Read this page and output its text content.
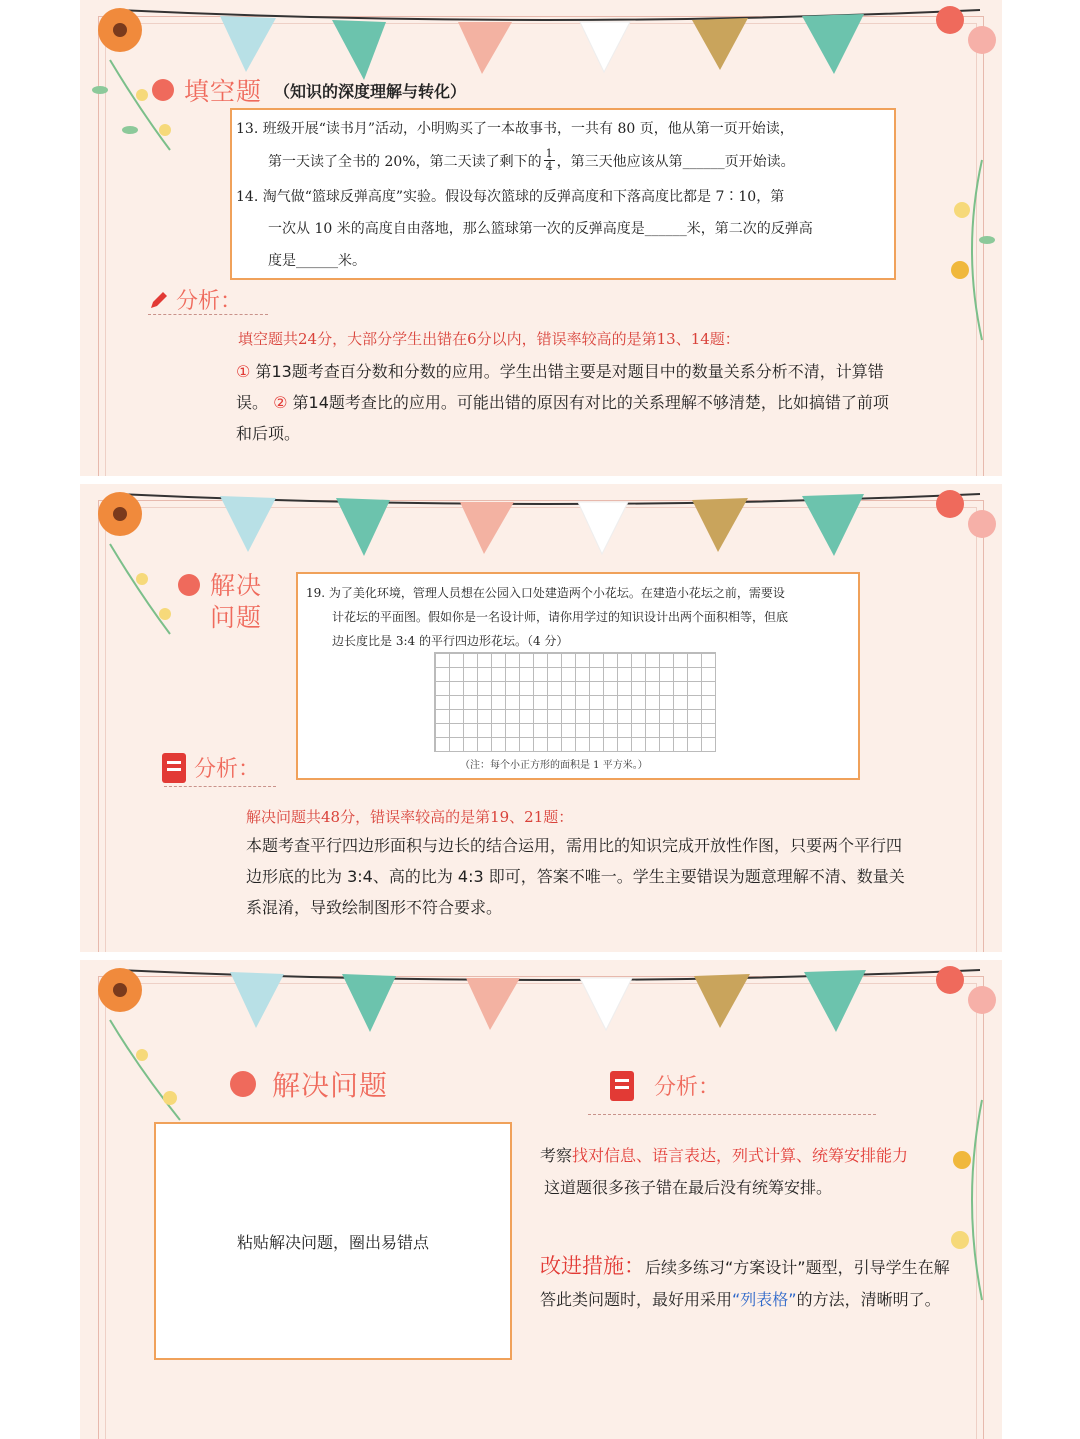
填空题 （知识的深度理解与转化）
13. 班级开展“读书月”活动，小明购买了一本故事书，一共有 80 页，他从第一页开始读，
第一天读了全书的 20%，第二天读了剩下的 $\frac{1}{4}$ ，第三天他应该从第______页开始读。
14. 淘气做“篮球反弹高度”实验。假设每次篮球的反弹高度和下落高度比都是 7∶10，第
一次从 10 米的高度自由落地，那么篮球第一次的反弹高度是______米，第二次的反弹高
度是______米。
分析：
填空题共24分，大部分学生出错在6分以内，错误率较高的是第13、14题：
① 第13题考查百分数和分数的应用。学生出错主要是对题目中的数量关系分析不清，计算错误。 ② 第14题考查比的应用。可能出错的原因有对比的关系理解不够清楚，比如搞错了前项和后项。
解决
问题
19. 为了美化环境，管理人员想在公园入口处建造两个小花坛。在建造小花坛之前，需要设
计花坛的平面图。假如你是一名设计师，请你用学过的知识设计出两个面积相等，但底
边长度比是 3:4 的平行四边形花坛。（4 分）
（注：每个小正方形的面积是 1 平方米。）
分析：
解决问题共48分，错误率较高的是第19、21题：
本题考查平行四边形面积与边长的结合运用，需用比的知识完成开放性作图，只要两个平行四边形底的比为 3:4、高的比为 4:3 即可，答案不唯一。学生主要错误为题意理解不清、数量关系混淆，导致绘制图形不符合要求。
解决问题	分析：
粘贴解决问题，圈出易错点
考察找对信息、语言表达，列式计算、统筹安排能力
这道题很多孩子错在最后没有统筹安排。
改进措施：后续多练习“方案设计”题型，引导学生在解答此类问题时，最好用采用“列表格”的方法，清晰明了。
